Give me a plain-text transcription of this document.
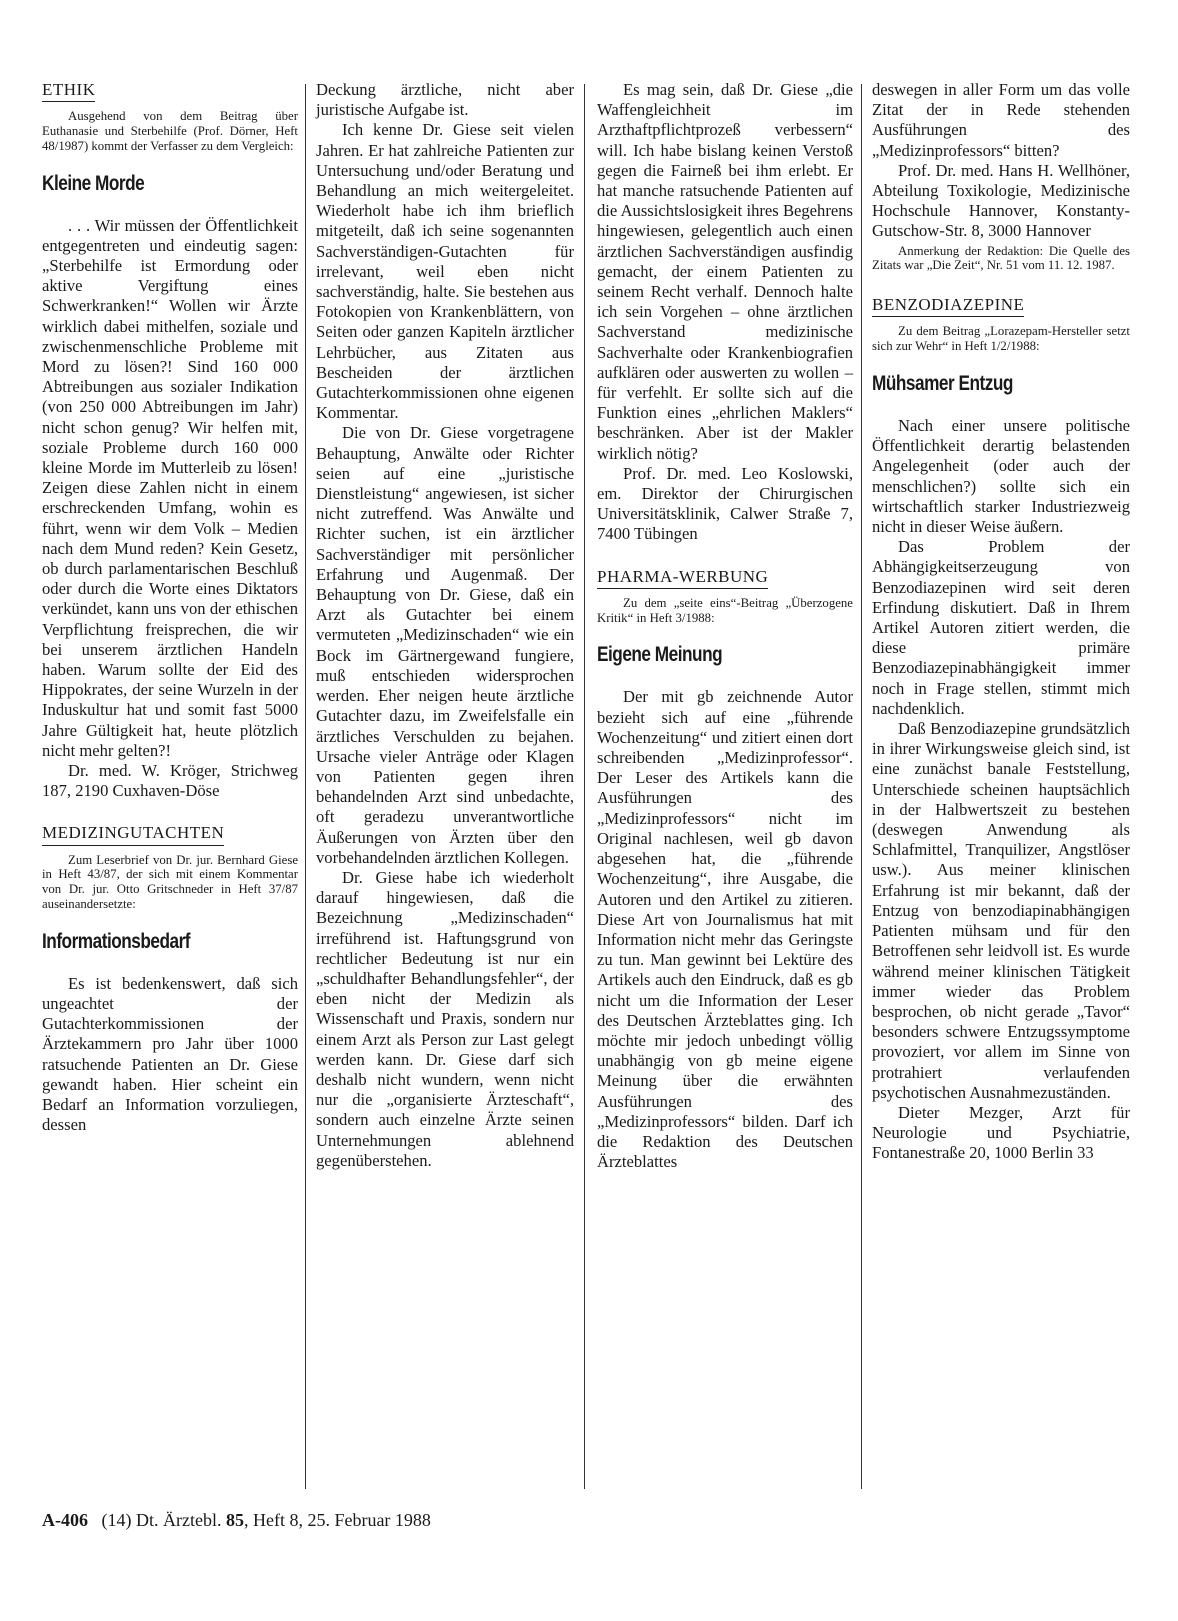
ETHIK

Ausgehend von dem Beitrag über Euthanasie und Sterbehilfe (Prof. Dörner, Heft 48/1987) kommt der Verfasser zu dem Vergleich:

Kleine Morde

. . . Wir müssen der Öffentlichkeit entgegentreten und eindeutig sagen: „Sterbehilfe ist Ermordung oder aktive Vergiftung eines Schwerkranken!“ Wollen wir Ärzte wirklich dabei mithelfen, soziale und zwischenmenschliche Probleme mit Mord zu lösen?! Sind 160 000 Abtreibungen aus sozialer Indikation (von 250 000 Abtreibungen im Jahr) nicht schon genug? Wir helfen mit, soziale Probleme durch 160 000 kleine Morde im Mutterleib zu lösen! Zeigen diese Zahlen nicht in einem erschreckenden Umfang, wohin es führt, wenn wir dem Volk – Medien nach dem Mund reden? Kein Gesetz, ob durch parlamentarischen Beschluß oder durch die Worte eines Diktators verkündet, kann uns von der ethischen Verpflichtung freisprechen, die wir bei unserem ärztlichen Handeln haben. Warum sollte der Eid des Hippokrates, der seine Wurzeln in der Induskultur hat und somit fast 5000 Jahre Gültigkeit hat, heute plötzlich nicht mehr gelten?!

Dr. med. W. Kröger, Strichweg 187, 2190 Cuxhaven-Döse

MEDIZINGUTACHTEN

Zum Leserbrief von Dr. jur. Bernhard Giese in Heft 43/87, der sich mit einem Kommentar von Dr. jur. Otto Gritschneder in Heft 37/87 auseinandersetzte:

Informationsbedarf

Es ist bedenkenswert, daß sich ungeachtet der Gutachterkommissionen der Ärztekammern pro Jahr über 1000 ratsuchende Patienten an Dr. Giese gewandt haben. Hier scheint ein Bedarf an Information vorzuliegen, dessen

Deckung ärztliche, nicht aber juristische Aufgabe ist.

Ich kenne Dr. Giese seit vielen Jahren. Er hat zahlreiche Patienten zur Untersuchung und/oder Beratung und Behandlung an mich weitergeleitet. Wiederholt habe ich ihm brieflich mitgeteilt, daß ich seine sogenannten Sachverständigen-Gutachten für irrelevant, weil eben nicht sachverständig, halte. Sie bestehen aus Fotokopien von Krankenblättern, von Seiten oder ganzen Kapiteln ärztlicher Lehrbücher, aus Zitaten aus Bescheiden der ärztlichen Gutachterkommissionen ohne eigenen Kommentar.

Die von Dr. Giese vorgetragene Behauptung, Anwälte oder Richter seien auf eine „juristische Dienstleistung“ angewiesen, ist sicher nicht zutreffend. Was Anwälte und Richter suchen, ist ein ärztlicher Sachverständiger mit persönlicher Erfahrung und Augenmaß. Der Behauptung von Dr. Giese, daß ein Arzt als Gutachter bei einem vermuteten „Medizinschaden“ wie ein Bock im Gärtnergewand fungiere, muß entschieden widersprochen werden. Eher neigen heute ärztliche Gutachter dazu, im Zweifelsfalle ein ärztliches Verschulden zu bejahen. Ursache vieler Anträge oder Klagen von Patienten gegen ihren behandelnden Arzt sind unbedachte, oft geradezu unverantwortliche Äußerungen von Ärzten über den vorbehandelnden ärztlichen Kollegen.

Dr. Giese habe ich wiederholt darauf hingewiesen, daß die Bezeichnung „Medizinschaden“ irreführend ist. Haftungsgrund von rechtlicher Bedeutung ist nur ein „schuldhafter Behandlungsfehler“, der eben nicht der Medizin als Wissenschaft und Praxis, sondern nur einem Arzt als Person zur Last gelegt werden kann. Dr. Giese darf sich deshalb nicht wundern, wenn nicht nur die „organisierte Ärzteschaft“, sondern auch einzelne Ärzte seinen Unternehmungen ablehnend gegenüberstehen.

Es mag sein, daß Dr. Giese „die Waffengleichheit im Arzthaftpflichtprozeß verbessern“ will. Ich habe bislang keinen Verstoß gegen die Fairneß bei ihm erlebt. Er hat manche ratsuchende Patienten auf die Aussichtslosigkeit ihres Begehrens hingewiesen, gelegentlich auch einen ärztlichen Sachverständigen ausfindig gemacht, der einem Patienten zu seinem Recht verhalf. Dennoch halte ich sein Vorgehen – ohne ärztlichen Sachverstand medizinische Sachverhalte oder Krankenbiografien aufklären oder auswerten zu wollen – für verfehlt. Er sollte sich auf die Funktion eines „ehrlichen Maklers“ beschränken. Aber ist der Makler wirklich nötig?

Prof. Dr. med. Leo Koslowski, em. Direktor der Chirurgischen Universitätsklinik, Calwer Straße 7, 7400 Tübingen

PHARMA-WERBUNG

Zu dem „seite eins“-Beitrag „Überzogene Kritik“ in Heft 3/1988:

Eigene Meinung

Der mit gb zeichnende Autor bezieht sich auf eine „führende Wochenzeitung“ und zitiert einen dort schreibenden „Medizinprofessor“. Der Leser des Artikels kann die Ausführungen des „Medizinprofessors“ nicht im Original nachlesen, weil gb davon abgesehen hat, die „führende Wochenzeitung“, ihre Ausgabe, die Autoren und den Artikel zu zitieren. Diese Art von Journalismus hat mit Information nicht mehr das Geringste zu tun. Man gewinnt bei Lektüre des Artikels auch den Eindruck, daß es gb nicht um die Information der Leser des Deutschen Ärzteblattes ging. Ich möchte mir jedoch unbedingt völlig unabhängig von gb meine eigene Meinung über die erwähnten Ausführungen des „Medizinprofessors“ bilden. Darf ich die Redaktion des Deutschen Ärzteblattes

deswegen in aller Form um das volle Zitat der in Rede stehenden Ausführungen des „Medizinprofessors“ bitten?

Prof. Dr. med. Hans H. Wellhöner, Abteilung Toxikologie, Medizinische Hochschule Hannover, Konstanty-Gutschow-Str. 8, 3000 Hannover

Anmerkung der Redaktion: Die Quelle des Zitats war „Die Zeit“, Nr. 51 vom 11. 12. 1987.

BENZODIAZEPINE

Zu dem Beitrag „Lorazepam-Hersteller setzt sich zur Wehr“ in Heft 1/2/1988:

Mühsamer Entzug

Nach einer unsere politische Öffentlichkeit derartig belastenden Angelegenheit (oder auch der menschlichen?) sollte sich ein wirtschaftlich starker Industriezweig nicht in dieser Weise äußern.

Das Problem der Abhängigkeitserzeugung von Benzodiazepinen wird seit deren Erfindung diskutiert. Daß in Ihrem Artikel Autoren zitiert werden, die diese primäre Benzodiazepinabhängigkeit immer noch in Frage stellen, stimmt mich nachdenklich.

Daß Benzodiazepine grundsätzlich in ihrer Wirkungsweise gleich sind, ist eine zunächst banale Feststellung, Unterschiede scheinen hauptsächlich in der Halbwertszeit zu bestehen (deswegen Anwendung als Schlafmittel, Tranquilizer, Angstlöser usw.). Aus meiner klinischen Erfahrung ist mir bekannt, daß der Entzug von benzodiapinabhängigen Patienten mühsam und für den Betroffenen sehr leidvoll ist. Es wurde während meiner klinischen Tätigkeit immer wieder das Problem besprochen, ob nicht gerade „Tavor“ besonders schwere Entzugssymptome provoziert, vor allem im Sinne von protrahiert verlaufenden psychotischen Ausnahmezuständen.

Dieter Mezger, Arzt für Neurologie und Psychiatrie, Fontanestraße 20, 1000 Berlin 33

A-406 (14) Dt. Ärztebl. 85, Heft 8, 25. Februar 1988
